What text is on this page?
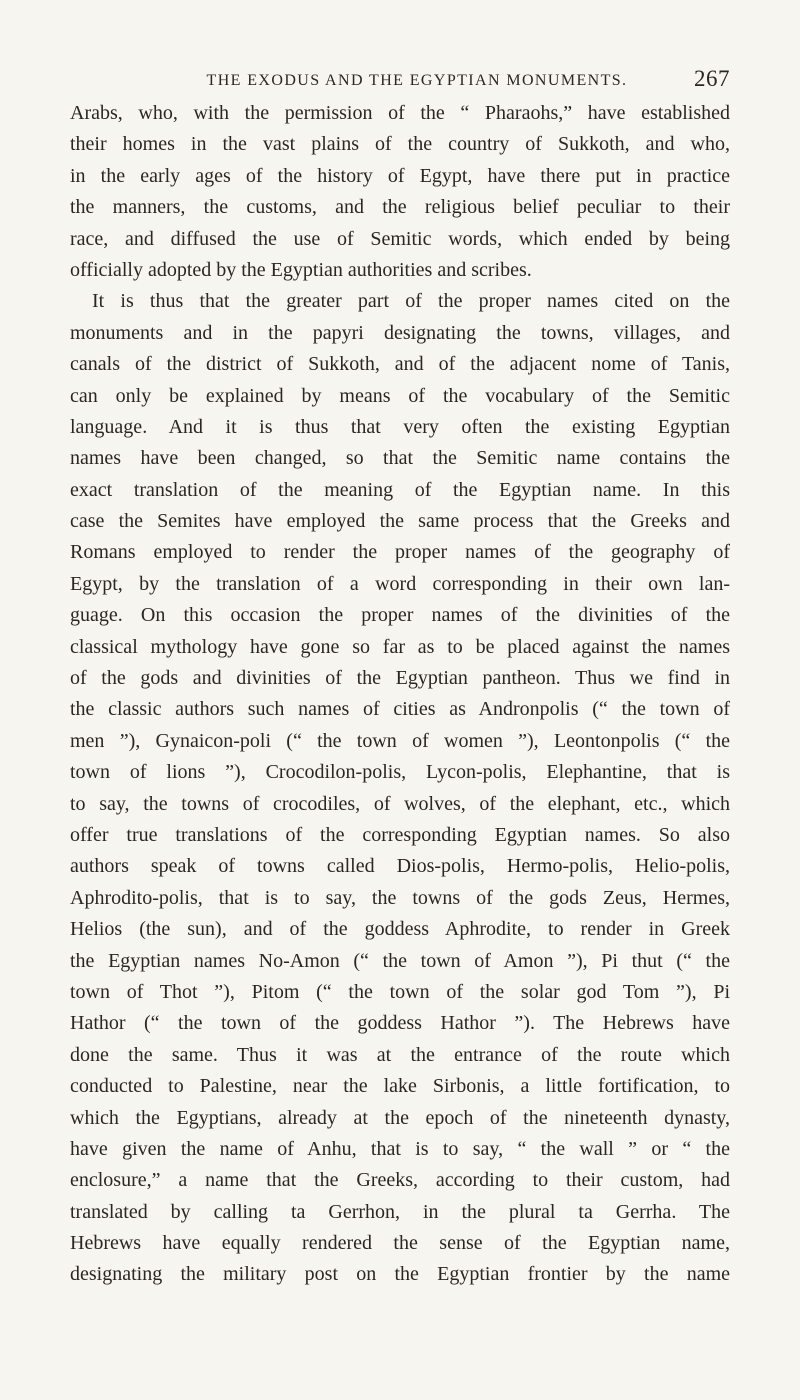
THE EXODUS AND THE EGYPTIAN MONUMENTS.	267
Arabs, who, with the permission of the “ Pharaohs,” have established
their homes in the vast plains of the country of Sukkoth, and who,
in the early ages of the history of Egypt, have there put in practice
the manners, the customs, and the religious belief peculiar to their
race, and diffused the use of Semitic words, which ended by being
officially adopted by the Egyptian authorities and scribes.
It is thus that the greater part of the proper names cited on the
monuments and in the papyri designating the towns, villages, and
canals of the district of Sukkoth, and of the adjacent nome of Tanis,
can only be explained by means of the vocabulary of the Semitic
language. And it is thus that very often the existing Egyptian
names have been changed, so that the Semitic name contains the
exact translation of the meaning of the Egyptian name. In this
case the Semites have employed the same process that the Greeks and
Romans employed to render the proper names of the geography of
Egypt, by the translation of a word corresponding in their own lan-
guage. On this occasion the proper names of the divinities of the
classical mythology have gone so far as to be placed against the names
of the gods and divinities of the Egyptian pantheon. Thus we find in
the classic authors such names of cities as Andronpolis (“ the town of
men ”), Gynaicon-poli (“ the town of women ”), Leontonpolis (“ the
town of lions ”), Crocodilon-polis, Lycon-polis, Elephantine, that is
to say, the towns of crocodiles, of wolves, of the elephant, etc., which
offer true translations of the corresponding Egyptian names. So also
authors speak of towns called Dios-polis, Hermo-polis, Helio-polis,
Aphrodito-polis, that is to say, the towns of the gods Zeus, Hermes,
Helios (the sun), and of the goddess Aphrodite, to render in Greek
the Egyptian names No-Amon (“ the town of Amon ”), Pi thut (“ the
town of Thot ”), Pitom (“ the town of the solar god Tom ”), Pi
Hathor (“ the town of the goddess Hathor ”). The Hebrews have
done the same. Thus it was at the entrance of the route which
conducted to Palestine, near the lake Sirbonis, a little fortification, to
which the Egyptians, already at the epoch of the nineteenth dynasty,
have given the name of Anhu, that is to say, “ the wall ” or “ the
enclosure,” a name that the Greeks, according to their custom, had
translated by calling ta Gerrhon, in the plural ta Gerrha. The
Hebrews have equally rendered the sense of the Egyptian name,
designating the military post on the Egyptian frontier by the name
